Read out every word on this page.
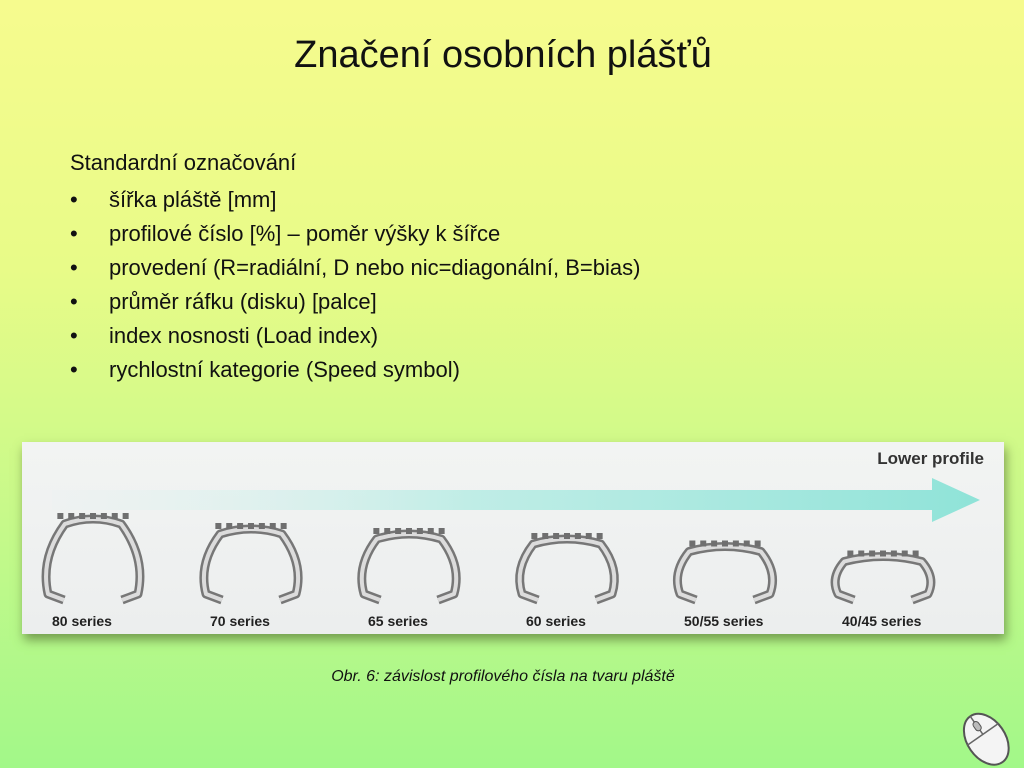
Značení osobních plášťů
Standardní označování
• šířka pláště [mm]
• profilové číslo [%] – poměr výšky k šířce
• provedení (R=radiální, D nebo nic=diagonální, B=bias)
• průměr ráfku (disku) [palce]
• index nosnosti (Load index)
• rychlostní kategorie (Speed symbol)
Lower profile
80 series	70 series	65 series	60 series	50/55 series	40/45 series
Obr. 6: závislost profilového čísla na tvaru pláště
